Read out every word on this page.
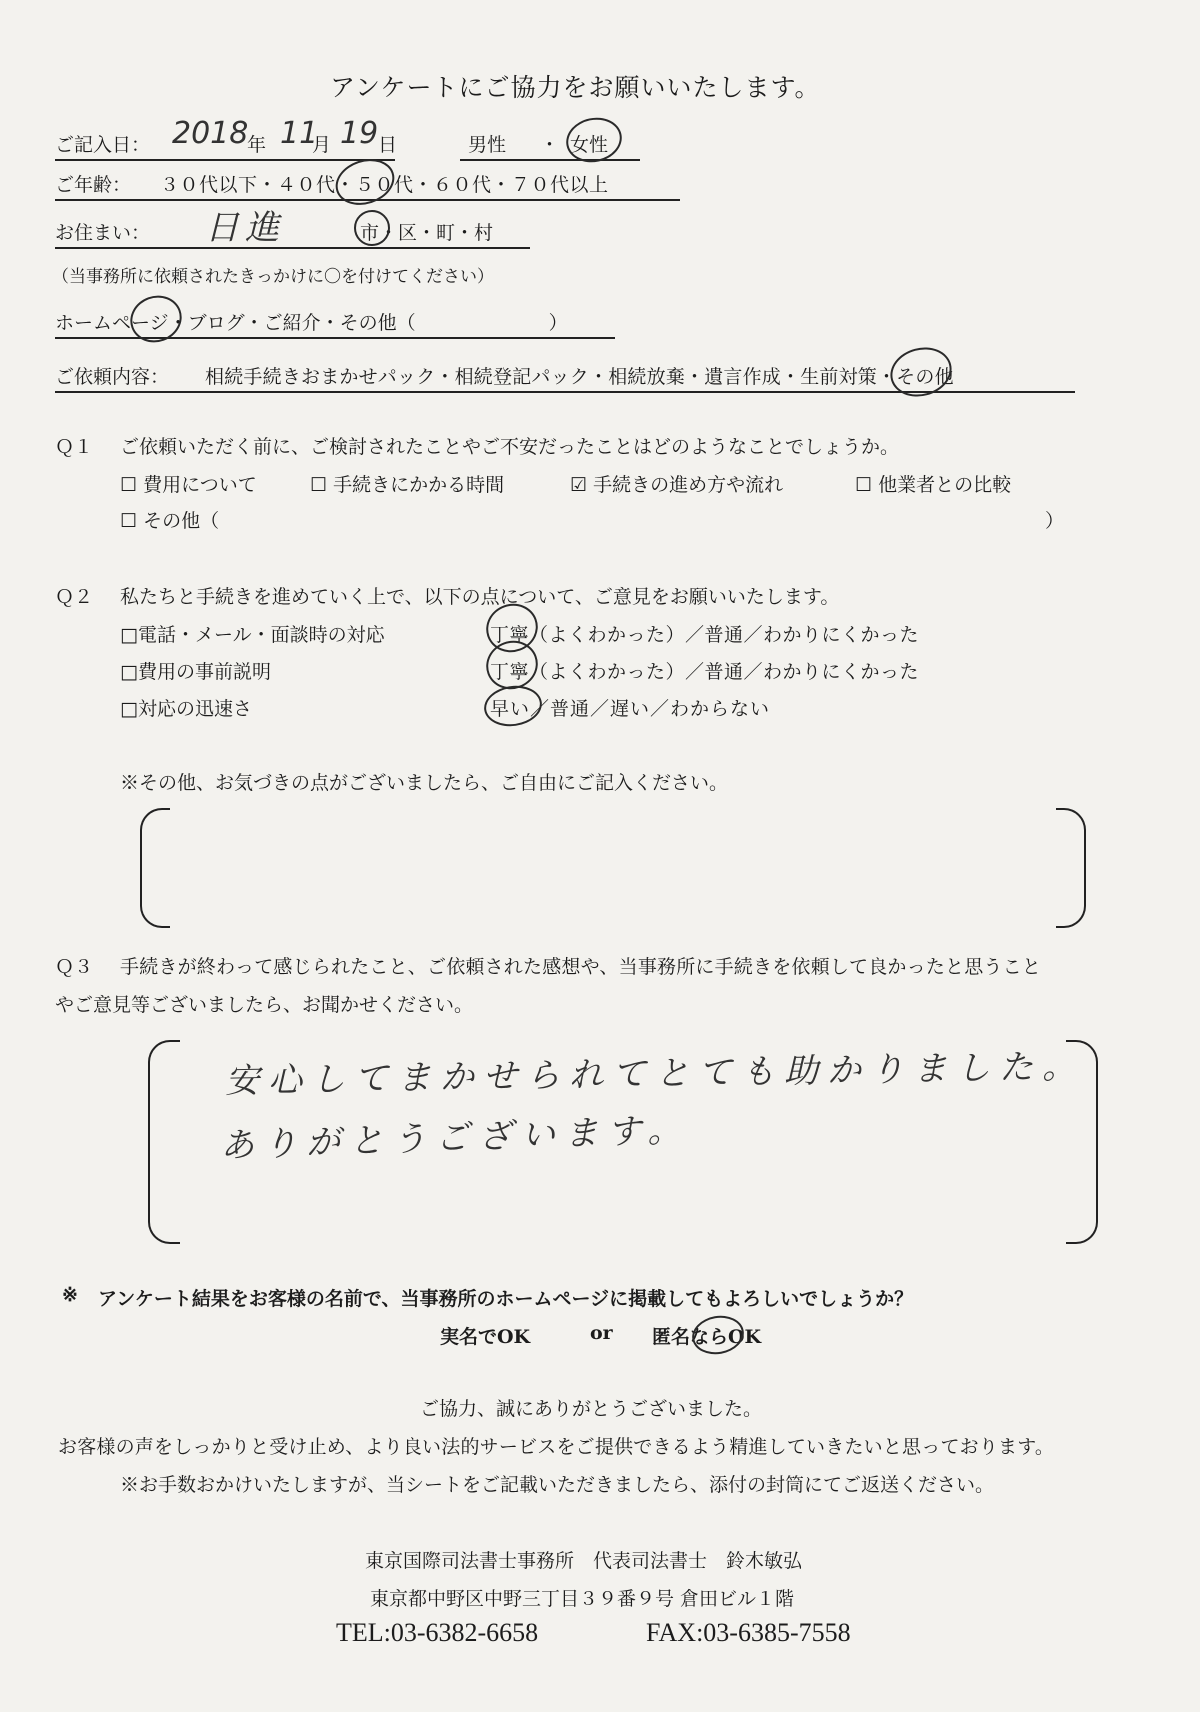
アンケートにご協力をお願いいたします。
ご記入日： 2018
年 11
月 19 日	男性 ・ 女性
ご年齢： ３０代以下・４０代・５０代・６０代・７０代以上
お住まい： 日進	市・区・町・村
（当事務所に依頼されたきっかけに〇を付けてください）
ホームページ・ブログ・ご紹介・その他（　　　　　　　）
ご依頼内容： 相続手続きおまかせパック・相続登記パック・相続放棄・遺言作成・生前対策・その他
Ｑ１ ご依頼いただく前に、ご検討されたことやご不安だったことはどのようなことでしょうか。
☐ 費用について	☐ 手続きにかかる時間	☑ 手続きの進め方や流れ	☐ 他業者との比較
☐ その他（	）
Ｑ２ 私たちと手続きを進めていく上で、以下の点について、ご意見をお願いいたします。
□電話・メール・面談時の対応	丁寧（よくわかった）／普通／わかりにくかった
□費用の事前説明	丁寧（よくわかった）／普通／わかりにくかった
□対応の迅速さ	早い／普通／遅い／わからない
※その他、お気づきの点がございましたら、ご自由にご記入ください。
Ｑ３ 手続きが終わって感じられたこと、ご依頼された感想や、当事務所に手続きを依頼して良かったと思うこと
やご意見等ございましたら、お聞かせください。
安心してまかせられてとても助かりました。
ありがとうございます。
※ アンケート結果をお客様の名前で、当事務所のホームページに掲載してもよろしいでしょうか？
実名でOK	or 匿名ならOK
ご協力、誠にありがとうございました。
お客様の声をしっかりと受け止め、より良い法的サービスをご提供できるよう精進していきたいと思っております。
※お手数おかけいたしますが、当シートをご記載いただきましたら、添付の封筒にてご返送ください。
東京国際司法書士事務所　代表司法書士　鈴木敏弘
東京都中野区中野三丁目３９番９号 倉田ビル１階
TEL:03-6382-6658	FAX:03-6385-7558
